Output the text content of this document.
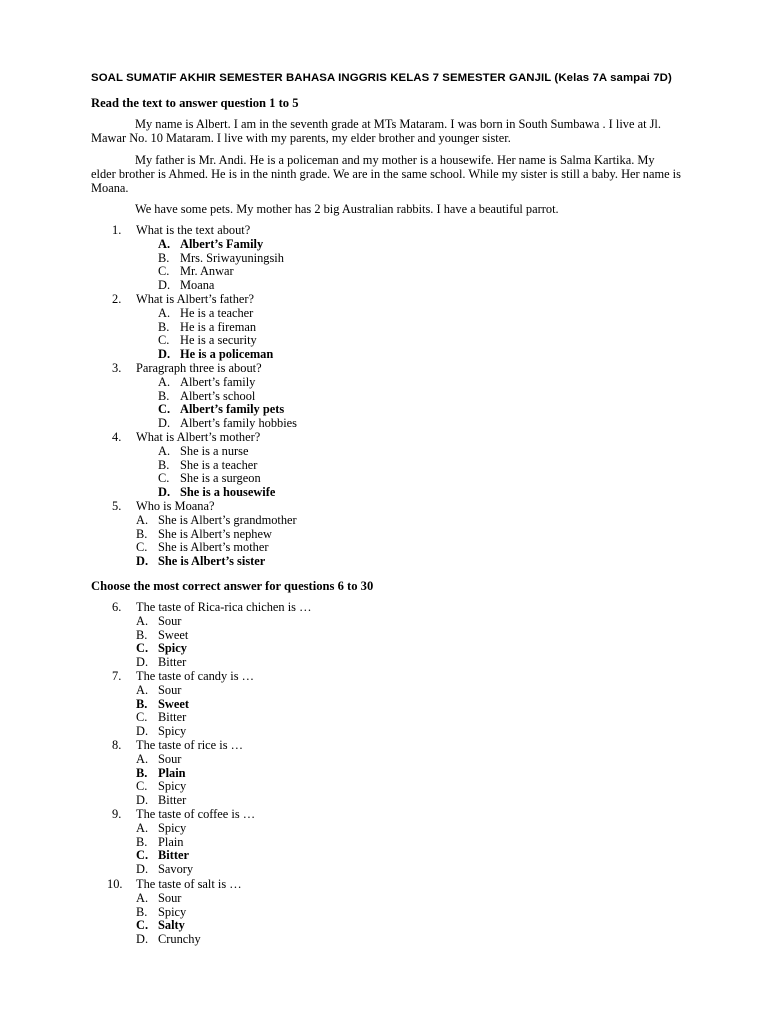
SOAL SUMATIF AKHIR SEMESTER BAHASA INGGRIS KELAS 7 SEMESTER GANJIL (Kelas 7A sampai 7D)
Read the text to answer question 1 to 5

My name is Albert. I am in the seventh grade at MTs Mataram. I was born in South Sumbawa . I live at Jl. Mawar No. 10 Mataram. I live with my parents, my elder brother and younger sister.

My father is Mr. Andi. He is a policeman and my mother is a housewife. Her name is Salma Kartika. My elder brother is Ahmed. He is in the ninth grade. We are in the same school. While my sister is still a baby. Her name is Moana.

We have some pets. My mother has 2 big Australian rabbits. I have a beautiful parrot.

Choose the most correct answer for questions 6 to 30
1.	What is the text about?
A. Albert’s Family
B. Mrs. Sriwayuningsih
C. Mr. Anwar
D. Moana
2.	What is Albert’s father?
A. He is a teacher
B. He is a fireman
C. He is a security
D. He is a policeman
3.	Paragraph three is about?
A. Albert’s family
B. Albert’s school
C. Albert’s family pets
D. Albert’s family hobbies
4.	What is Albert’s mother?
A. She is a nurse
B. She is a teacher
C. She is a surgeon
D. She is a housewife
5.	Who is Moana?
A. She is Albert’s grandmother
B. She is Albert’s nephew
C. She is Albert’s mother
D. She is Albert’s sister
6.	The taste of Rica-rica chichen is …
A. Sour
B. Sweet
C. Spicy
D. Bitter
7.	The taste of candy is …
A. Sour
B. Sweet
C. Bitter
D. Spicy
8.	The taste of rice is …
A. Sour
B. Plain
C. Spicy
D. Bitter
9.	The taste of coffee is …
A. Spicy
B. Plain
C. Bitter
D. Savory
10.	The taste of salt is …
A. Sour
B. Spicy
C. Salty
D. Crunchy
